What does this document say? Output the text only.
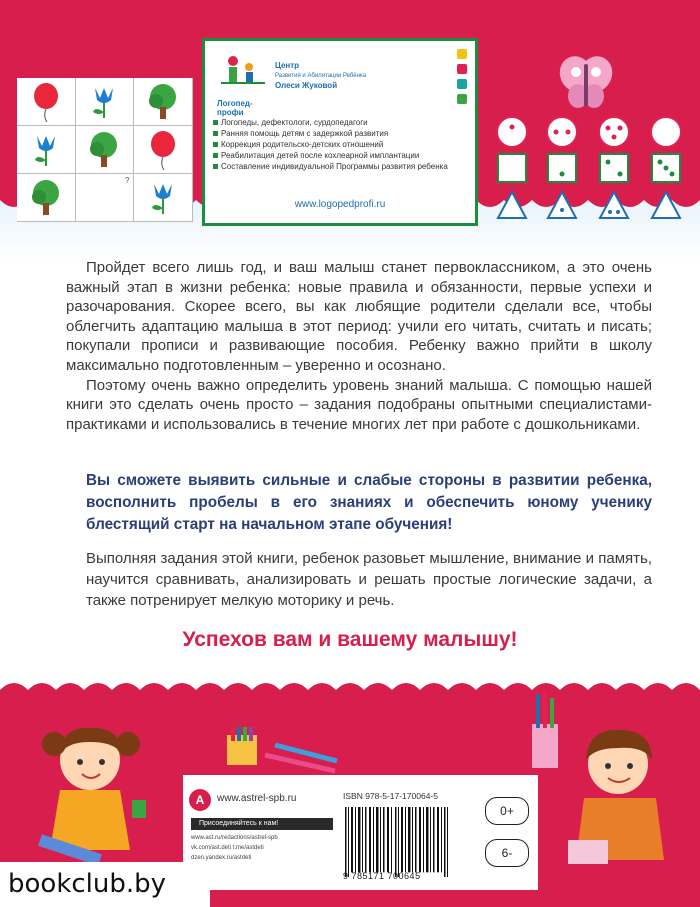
?
Логопед-профи
Центр
Развития и Абилитации Ребёнка
Олеси Жуковой
Логопеды, дефектологи, сурдопедагоги
Ранняя помощь детям с задержкой развития
Коррекция родительско-детских отношений
Реабилитация детей после кохлеарной имплантации
Составление индивидуальной Программы развития ребенка
www.logopedprofi.ru

Пройдет всего лишь год, и ваш малыш станет первоклассником, а это очень важный этап в жизни ребенка: новые правила и обязанности, первые успехи и разочарования. Скорее всего, вы как любящие родители сделали все, чтобы облегчить адаптацию малыша в этот период: учили его читать, считать и писать; покупали прописи и развивающие пособия. Ребенку важно прийти в школу максимально подготовленным – уверенно и осознано.

Поэтому очень важно определить уровень знаний малыша. С помощью нашей книги это сделать очень просто – задания подобраны опытными специалистами-практиками и использовались в течение многих лет при работе с дошкольниками.

Вы сможете выявить сильные и слабые стороны в развитии ребенка, восполнить пробелы в его знаниях и обеспечить юному ученику блестящий старт на начальном этапе обучения!
Выполняя задания этой книги, ребенок разовьет мышление, внимание и память, научится сравнивать, анализировать и решать простые логические задачи, а также потренирует мелкую моторику и речь.
Успехов вам и вашему малышу!
A	www.astrel-spb.ru
Присоединяйтесь к нам!
www.ast.ru/redactions/astrel-spb
vk.com/ast.deti t.me/astdeti
dzen.yandex.ru/astdeti
ISBN 978-5-17-170064-5
9 785171 700645
0+
6-
bookclub.by
